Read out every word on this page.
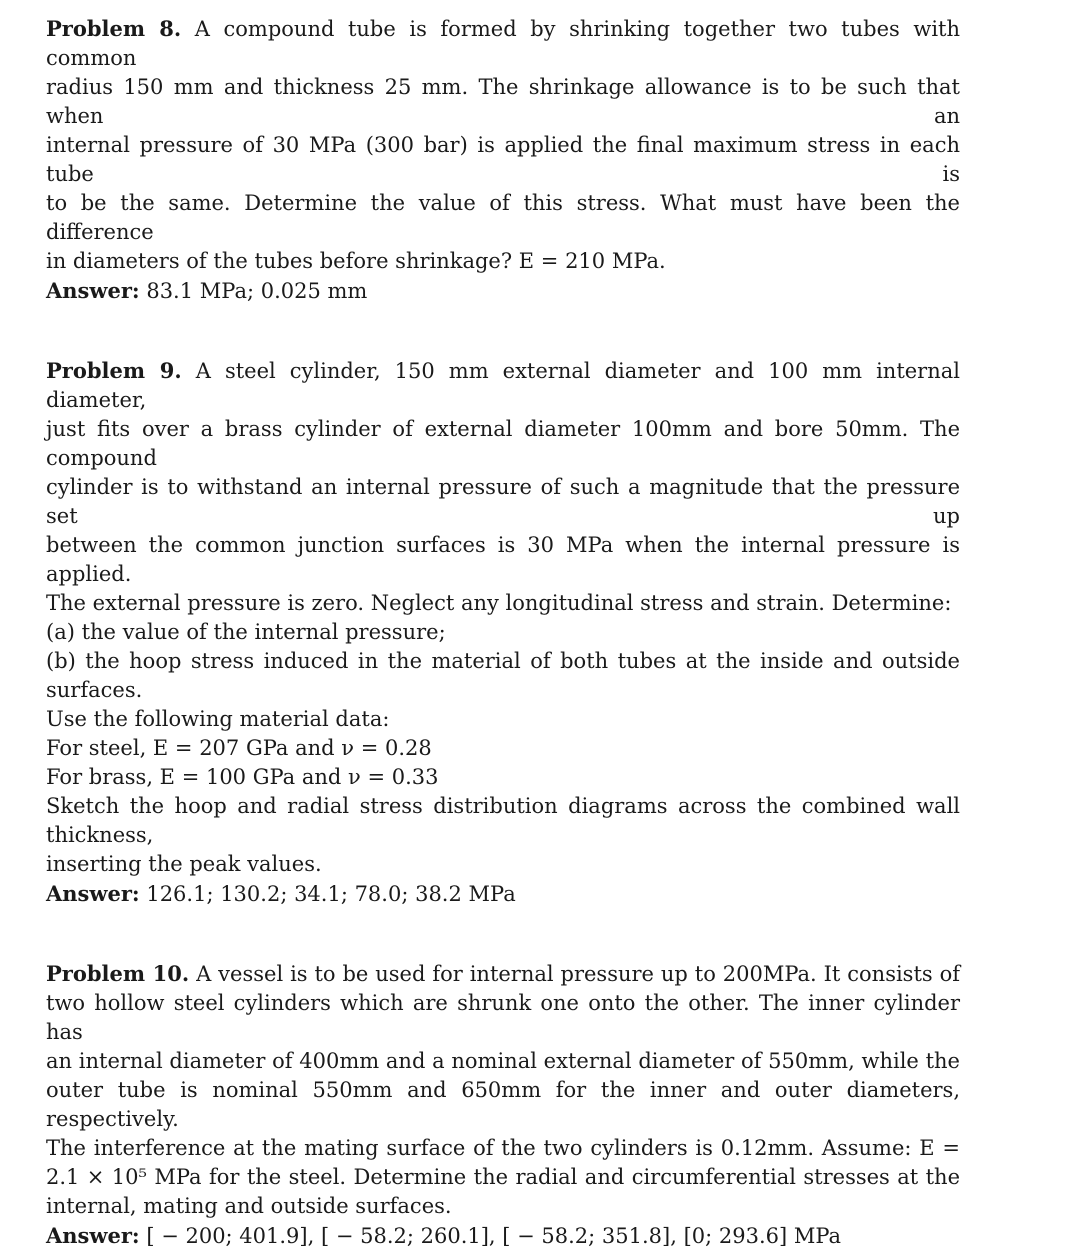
Problem 8. A compound tube is formed by shrinking together two tubes with common
radius 150 mm and thickness 25 mm. The shrinkage allowance is to be such that when an
internal pressure of 30 MPa (300 bar) is applied the final maximum stress in each tube is
to be the same. Determine the value of this stress. What must have been the difference
in diameters of the tubes before shrinkage? E = 210 MPa.
Answer: 83.1 MPa; 0.025 mm
Problem 9. A steel cylinder, 150 mm external diameter and 100 mm internal diameter,
just fits over a brass cylinder of external diameter 100mm and bore 50mm. The compound
cylinder is to withstand an internal pressure of such a magnitude that the pressure set up
between the common junction surfaces is 30 MPa when the internal pressure is applied.
The external pressure is zero. Neglect any longitudinal stress and strain. Determine:
(a) the value of the internal pressure;
(b) the hoop stress induced in the material of both tubes at the inside and outside surfaces.
Use the following material data:
For steel, E = 207 GPa and ν = 0.28
For brass, E = 100 GPa and ν = 0.33
Sketch the hoop and radial stress distribution diagrams across the combined wall thickness,
inserting the peak values.
Answer: 126.1; 130.2; 34.1; 78.0; 38.2 MPa
Problem 10. A vessel is to be used for internal pressure up to 200MPa. It consists of
two hollow steel cylinders which are shrunk one onto the other. The inner cylinder has
an internal diameter of 400mm and a nominal external diameter of 550mm, while the
outer tube is nominal 550mm and 650mm for the inner and outer diameters, respectively.
The interference at the mating surface of the two cylinders is 0.12mm. Assume: E =
2.1 × 10⁵ MPa for the steel. Determine the radial and circumferential stresses at the
internal, mating and outside surfaces.
Answer: [ − 200; 401.9], [ − 58.2; 260.1], [ − 58.2; 351.8], [0; 293.6] MPa
